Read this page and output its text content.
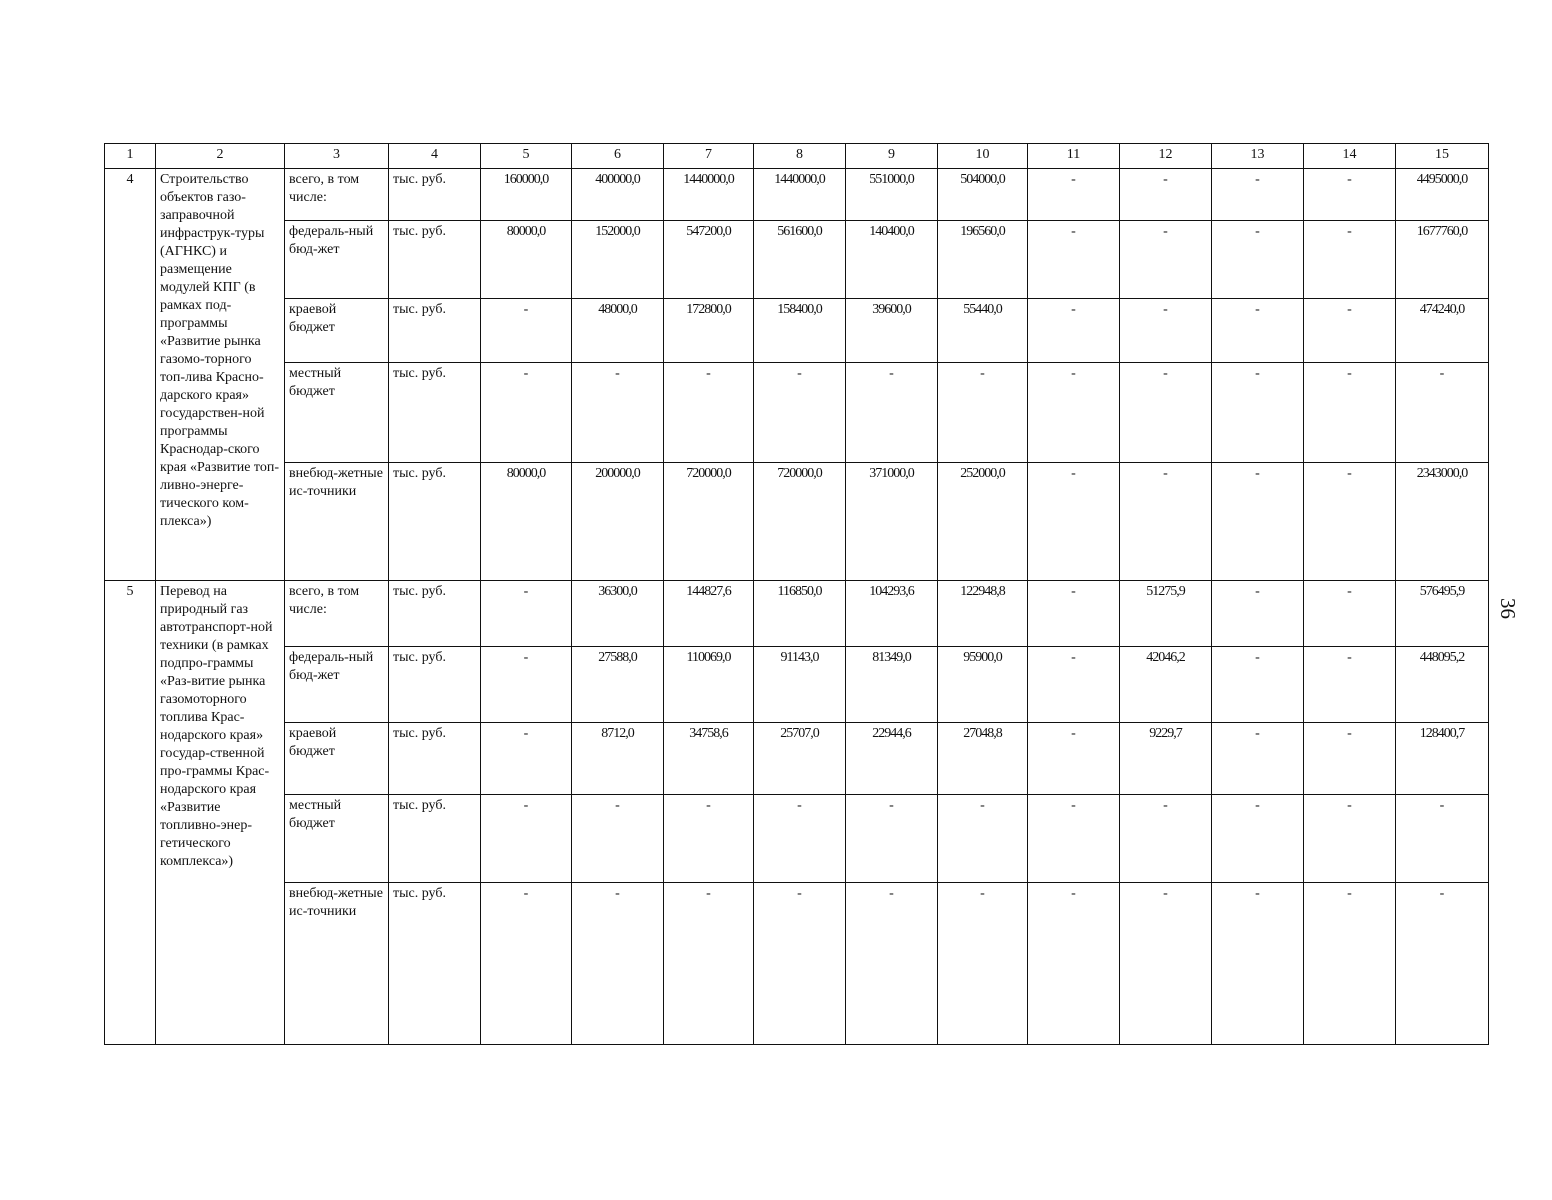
1	2	3	4	5	6	7	8	9	10	11	12	13	14	15
4	Строительство объектов газо-заправочной инфраструк-туры (АГНКС) и размещение модулей КПГ (в рамках под-программы «Развитие рынка газомо-торного топ-лива Красно-дарского края» государствен-ной программы Краснодар-ского края «Развитие топ-ливно-энерге-тического ком-плекса»)	всего, в том числе:	тыс. руб.	160000,0	400000,0	1440000,0	1440000,0	551000,0	504000,0	-	-	-	-	4495000,0
		федераль-ный бюд-жет	тыс. руб.	80000,0	152000,0	547200,0	561600,0	140400,0	196560,0	-	-	-	-	1677760,0
		краевой бюджет	тыс. руб.	-	48000,0	172800,0	158400,0	39600,0	55440,0	-	-	-	-	474240,0
		местный бюджет	тыс. руб.	-	-	-	-	-	-	-	-	-	-	-
		внебюд-жетные ис-точники	тыс. руб.	80000,0	200000,0	720000,0	720000,0	371000,0	252000,0	-	-	-	-	2343000,0
5	Перевод на природный газ автотранспорт-ной техники (в рамках подпро-граммы «Раз-витие рынка газомоторного топлива Крас-нодарского края» государ-ственной про-граммы Крас-нодарского края «Развитие топливно-энер-гетического комплекса»)	всего, в том числе:	тыс. руб.	-	36300,0	144827,6	116850,0	104293,6	122948,8	-	51275,9	-	-	576495,9
		федераль-ный бюд-жет	тыс. руб.	-	27588,0	110069,0	91143,0	81349,0	95900,0	-	42046,2	-	-	448095,2
		краевой бюджет	тыс. руб.	-	8712,0	34758,6	25707,0	22944,6	27048,8	-	9229,7	-	-	128400,7
		местный бюджет	тыс. руб.	-	-	-	-	-	-	-	-	-	-	-
		внебюд-жетные ис-точники	тыс. руб.	-	-	-	-	-	-	-	-	-	-	-
36
